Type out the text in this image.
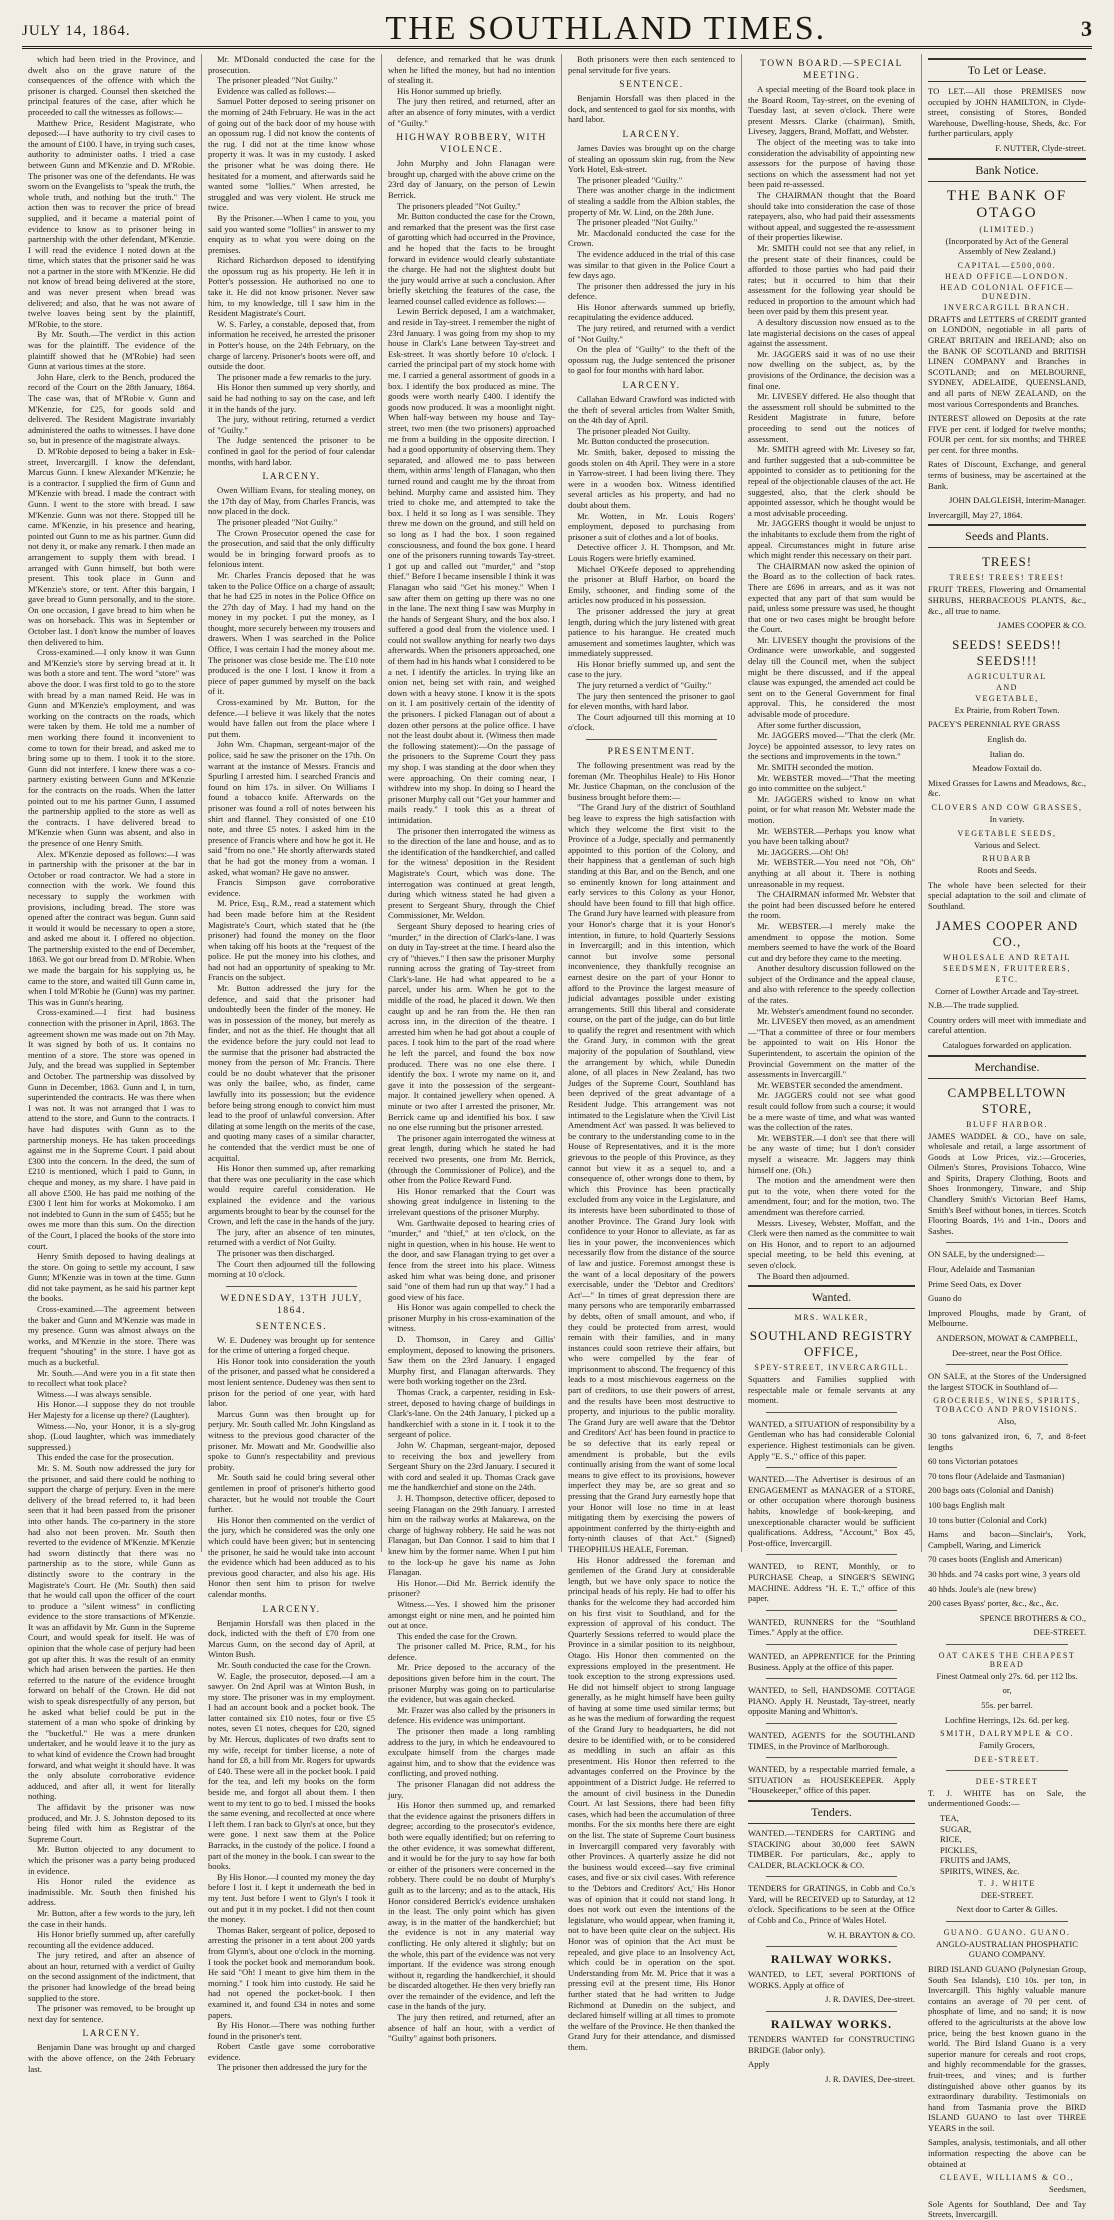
JULY 14, 1864.	THE SOUTHLAND TIMES.	3

which had been tried in the Province, and dwelt also on the grave nature of the consequences of the offence with which the prisoner is charged. Counsel then sketched the principal features of the case, after which he proceeded to call the witnesses as follows:—

Matthew Price, Resident Magistrate, who deposed:—I have authority to try civil cases to the amount of £100. I have, in trying such cases, authority to administer oaths. I tried a case between Gunn and M'Kenzie and D. M'Robie. The prisoner was one of the defendants. He was sworn on the Evangelists to "speak the truth, the whole truth, and nothing but the truth." The action then was to recover the price of bread supplied, and it became a material point of evidence to know as to prisoner being in partnership with the other defendant, M'Kenzie. I will read the evidence I noted down at the time, which states that the prisoner said he was not a partner in the store with M'Kenzie. He did not know of bread being delivered at the store, and was never present when bread was delivered; and also, that he was not aware of twelve loaves being sent by the plaintiff, M'Robie, to the store.

By Mr. South.—The verdict in this action was for the plaintiff. The evidence of the plaintiff showed that he (M'Robie) had seen Gunn at various times at the store.

John Hare, clerk to the Bench, produced the record of the Court on the 28th January, 1864. The case was, that of M'Robie v. Gunn and M'Kenzie, for £25, for goods sold and delivered. The Resident Magistrate invariably administered the oaths to witnesses. I have done so, but in presence of the magistrate always.

D. M'Robie deposed to being a baker in Esk-street, Invercargill. I know the defendant, Marcus Gunn. I knew Alexander M'Kenzie; he is a contractor. I supplied the firm of Gunn and M'Kenzie with bread. I made the contract with Gunn. I went to the store with bread. I saw M'Kenzie. Gunn was not there. Stopped till he came. M'Kenzie, in his presence and hearing, pointed out Gunn to me as his partner. Gunn did not deny it, or make any remark. I then made an arrangement to supply them with bread. I arranged with Gunn himself, but both were present. This took place in Gunn and M'Kenzie's store, or tent. After this bargain, I gave bread to Gunn personally, and to the store. On one occasion, I gave bread to him when he was on horseback. This was in September or October last. I don't know the number of loaves then delivered to him.

Cross-examined.—I only know it was Gunn and M'Kenzie's store by serving bread at it. It was both a store and tent. The word "store" was above the door. I was first told to go to the store with bread by a man named Reid. He was in Gunn and M'Kenzie's employment, and was working on the contracts on the roads, which were taken by them. He told me a number of men working there found it inconvenient to come to town for their bread, and asked me to bring some up to them. I took it to the store. Gunn did not interfere. I knew there was a co-partnery existing between Gunn and M'Kenzie for the contracts on the roads. When the latter pointed out to me his partner Gunn, I assumed the partnership applied to the store as well as the contracts. I have delivered bread to M'Kenzie when Gunn was absent, and also in the presence of one Henry Smith.

Alex. M'Kenzie deposed as follows:—I was in partnership with the prisoner at the bar in October or road contractor. We had a store in connection with the work. We found this necessary to supply the workmen with provisions, including bread. The store was opened after the contract was begun. Gunn said it would it would be necessary to open a store, and asked me about it. I offered no objection. The partnership existed to the end of December, 1863. We got our bread from D. M'Robie. When we made the bargain for his supplying us, he came to the store, and waited till Gunn came in, when I told M'Robie he (Gunn) was my partner. This was in Gunn's hearing.

Cross-examined.—I first had business connection with the prisoner in April, 1863. The agreement shown me was made out on 7th May. It was signed by both of us. It contains no mention of a store. The store was opened in July, and the bread was supplied in September and October. The partnership was dissolved by Gunn in December, 1863. Gunn and I, in turn, superintended the contracts. He was there when I was not. It was not arranged that I was to attend to the store, and Gunn to the contracts. I have had disputes with Gunn as to the partnership moneys. He has taken proceedings against me in the Supreme Court. I paid about £300 into the concern. In the deed, the sum of £210 is mentioned, which I paid to Gunn, in cheque and money, as my share. I have paid in all above £500. He has paid me nothing of the £300 I lent him for works at Mokomoko. I am not indebted to Gunn in the sum of £455; but he owes me more than this sum. On the direction of the Court, I placed the books of the store into court.

Henry Smith deposed to having dealings at the store. On going to settle my account, I saw Gunn; M'Kenzie was in town at the time. Gunn did not take payment, as he said his partner kept the books.

Cross-examined.—The agreement between the baker and Gunn and M'Kenzie was made in my presence. Gunn was almost always on the works, and M'Kenzie in the store. There was frequent "shouting" in the store. I have got as much as a bucketful.

Mr. South.—And were you in a fit state then to recollect what took place?

Witness.—I was always sensible.

His Honor.—I suppose they do not trouble Her Majesty for a license up there? (Laughter).

Witness.—No, your Honor, it is a sly-grog shop. (Loud laughter, which was immediately suppressed.)

This ended the case for the prosecution.

Mr. S. M. South now addressed the jury for the prisoner, and said there could be nothing to support the charge of perjury. Even in the mere delivery of the bread referred to, it had been seen that it had been passed from the prisoner into other hands. The co-partnery in the store had also not been proven. Mr. South then reverted to the evidence of M'Kenzie. M'Kenzie had sworn distinctly that there was no partnership as to the store, while Gunn as distinctly swore to the contrary in the Magistrate's Court. He (Mr. South) then said that he would call upon the officer of the court to produce a "silent witness" in conflicting evidence to the store transactions of M'Kenzie. It was an affidavit by Mr. Gunn in the Supreme Court, and would speak for itself. He was of opinion that the whole case of perjury had been got up after this. It was the result of an enmity which had arisen between the parties. He then referred to the nature of the evidence brought forward on behalf of the Crown. He did not wish to speak disrespectfully of any person, but he asked what belief could be put in the statement of a man who spoke of drinking by the "bucketful." He was a mere drunken undertaker, and he would leave it to the jury as to what kind of evidence the Crown had brought forward, and what weight it should have. It was the only absolute corroborative evidence adduced, and after all, it went for literally nothing.

The affidavit by the prisoner was now produced, and Mr. J. S. Johnston deposed to its being filed with him as Registrar of the Supreme Court.

Mr. Button objected to any document to which the prisoner was a party being produced in evidence.

His Honor ruled the evidence as inadmissible. Mr. South then finished his address.

Mr. Button, after a few words to the jury, left the case in their hands.

His Honor briefly summed up, after carefully recounting all the evidence adduced.

The jury retired, and after an absence of about an hour, returned with a verdict of Guilty on the second assignment of the indictment, that the prisoner had knowledge of the bread being supplied to the store.

The prisoner was removed, to be brought up next day for sentence.

LARCENY.

Benjamin Dane was brought up and charged with the above offence, on the 24th February last.

Mr. M'Donald conducted the case for the prosecution.

The prisoner pleaded "Not Guilty."

Evidence was called as follows:—

Samuel Potter deposed to seeing prisoner on the morning of 24th February. He was in the act of going out of the back door of my house with an opossum rug. I did not know the contents of the rug. I did not at the time know whose property it was. It was in my custody. I asked the prisoner what he was doing there. He hesitated for a moment, and afterwards said he wanted some "lollies." When arrested, he struggled and was very violent. He struck me twice.

By the Prisoner.—When I came to you, you said you wanted some "lollies" in answer to my enquiry as to what you were doing on the premises.

Richard Richardson deposed to identifying the opossum rug as his property. He left it in Potter's possession. He authorised no one to take it. He did not know prisoner. Never saw him, to my knowledge, till I saw him in the Resident Magistrate's Court.

W. S. Farley, a constable, deposed that, from information he received, he arrested the prisoner in Potter's house, on the 24th February, on the charge of larceny. Prisoner's boots were off, and outside the door.

The prisoner made a few remarks to the jury.

His Honor then summed up very shortly, and said he had nothing to say on the case, and left it in the hands of the jury.

The jury, without retiring, returned a verdict of "Guilty."

The Judge sentenced the prisoner to be confined in gaol for the period of four calendar months, with hard labor.

LARCENY.

Owen William Evans, for stealing money, on the 17th day of May, from Charles Francis, was now placed in the dock.

The prisoner pleaded "Not Guilty."

The Crown Prosecutor opened the case for the prosecution, and said that the only difficulty would be in bringing forward proofs as to felonious intent.

Mr. Charles Francis deposed that he was taken to the Police Office on a charge of assault; that he had £25 in notes in the Police Office on the 27th day of May. I had my hand on the money in my pocket. I put the money, as I thought, more securely between my trousers and drawers. When I was searched in the Police Office, I was certain I had the money about me. The prisoner was close beside me. The £10 note produced is the one I lost. I know it from a piece of paper gummed by myself on the back of it.

Cross-examined by Mr. Button, for the defence.—I believe it was likely that the notes would have fallen out from the place where I put them.

John Wm. Chapman, sergeant-major of the police, said he saw the prisoner on the 17th. On warrant at the instance of Messrs. Francis and Spurling I arrested him. I searched Francis and found on him 17s. in silver. On Williams I found a tobacco knife. Afterwards on the prisoner was found a roll of notes between his shirt and flannel. They consisted of one £10 note, and three £5 notes. I asked him in the presence of Francis where and how he got it. He said "from no one." He shortly afterwards stated that he had got the money from a woman. I asked, what woman? He gave no answer.

Francis Simpson gave corroborative evidence.

M. Price, Esq., R.M., read a statement which had been made before him at the Resident Magistrate's Court, which stated that he (the prisoner) had found the money on the floor when taking off his boots at the "request of the police. He put the money into his clothes, and had not had an opportunity of speaking to Mr. Francis on the subject.

Mr. Button addressed the jury for the defence, and said that the prisoner had undoubtedly been the finder of the money. He was in possession of the money, but merely as finder, and not as the thief. He thought that all the evidence before the jury could not lead to the surmise that the prisoner had abstracted the money from the person of Mr. Francis. There could be no doubt whatever that the prisoner was only the bailee, who, as finder, came lawfully into its possession; but the evidence before being strong enough to convict him must lead to the proof of unlawful conversion. After dilating at some length on the merits of the case, and quoting many cases of a similar character, he contended that the verdict must be one of acquittal.

His Honor then summed up, after remarking that there was one peculiarity in the case which would require careful consideration. He explained the evidence and the various arguments brought to bear by the counsel for the Crown, and left the case in the hands of the jury.

The jury, after an absence of ten minutes, returned with a verdict of Not Guilty.

The prisoner was then discharged.

The Court then adjourned till the following morning at 10 o'clock.

WEDNESDAY, 13TH JULY, 1864.
SENTENCES.

W. E. Dudeney was brought up for sentence for the crime of uttering a forged cheque.

His Honor took into consideration the youth of the prisoner, and passed what he considered a most lenient sentence. Dudeney was then sent to prison for the period of one year, with hard labor.

Marcus Gunn was then brought up for perjury. Mr. South called Mr. John Kingsland as witness to the previous good character of the prisoner. Mr. Mowatt and Mr. Goodwillie also spoke to Gunn's respectability and previous probity.

Mr. South said he could bring several other gentlemen in proof of prisoner's hitherto good character, but he would not trouble the Court further.

His Honor then commented on the verdict of the jury, which he considered was the only one which could have been given; but in sentencing the prisoner, he said he would take into account the evidence which had been adduced as to his previous good character, and also his age. His Honor then sent him to prison for twelve calendar months.

LARCENY.

Benjamin Horsfall was then placed in the dock, indicted with the theft of £70 from one Marcus Gunn, on the second day of April, at Winton Bush.

Mr. South conducted the case for the Crown.

W. Eagle, the prosecutor, deposed.—I am a sawyer. On 2nd April was at Winton Bush, in my store. The prisoner was in my employment. I had an account book and a pocket book. The latter contained six £10 notes, four or five £5 notes, seven £1 notes, cheques for £20, signed by Mr. Hercus, duplicates of two drafts sent to my wife, receipt for timber license, a note of hand for £8, a bill from Mr. Rogers for upwards of £40. These were all in the pocket book. I paid for the tea, and left my books on the form beside me, and forgot all about them. I then went to my tent to go to bed. I missed the books the same evening, and recollected at once where I left them. I ran back to Glyn's at once, but they were gone. I next saw them at the Police Barracks, in the custody of the police. I found a part of the money in the book. I can swear to the books.

By His Honor.—I counted my money the day before I lost it. I kept it underneath the bed in my tent. Just before I went to Glyn's I took it out and put it in my pocket. I did not then count the money.

Thomas Baker, sergeant of police, deposed to arresting the prisoner in a tent about 200 yards from Glynn's, about one o'clock in the morning. I took the pocket book and memorandum book. He said "Oh! I meant to give him them in the morning." I took him into custody. He said he had not opened the pocket-book. I then examined it, and found £34 in notes and some papers.

By His Honor.—There was nothing further found in the prisoner's tent.

Robert Castle gave some corroborative evidence.

The prisoner then addressed the jury for the

defence, and remarked that he was drunk when he lifted the money, but had no intention of stealing it.

His Honor summed up briefly.

The jury then retired, and returned, after an after an absence of forty minutes, with a verdict of "Guilty."

HIGHWAY ROBBERY, WITH VIOLENCE.

John Murphy and John Flanagan were brought up, charged with the above crime on the 23rd day of January, on the person of Lewin Berrick.

The prisoners pleaded "Not Guilty."

Mr. Button conducted the case for the Crown, and remarked that the present was the first case of garotting which had occurred in the Province, and he hoped that the facts to be brought forward in evidence would clearly substantiate the charge. He had not the slightest doubt but the jury would arrive at such a conclusion. After briefly sketching the features of the case, the learned counsel called evidence as follows:—

Lewin Berrick deposed, I am a watchmaker, and reside in Tay-street. I remember the night of 23rd January. I was going from my shop to my house in Clark's Lane between Tay-street and Esk-street. It was shortly before 10 o'clock. I carried the principal part of my stock home with me. I carried a general assortment of goods in a box. I identify the box produced as mine. The goods were worth nearly £400. I identify the goods now produced. It was a moonlight night. When half-way between my house and Tay-street, two men (the two prisoners) approached me from a building in the opposite direction. I had a good opportunity of observing them. They separated, and allowed me to pass between them, within arms' length of Flanagan, who then turned round and caught me by the throat from behind. Murphy came and assisted him. They tried to choke me, and attempted to take the box. I held it so long as I was sensible. They threw me down on the ground, and still held on so long as I had the box. I soon regained consciousness, and found the box gone. I heard one of the prisoners running towards Tay-street. I got up and called out "murder," and "stop thief." Before I became insensible I think it was Flanagan who said "Get his money." When I saw after them on getting up there was no one in the lane. The next thing I saw was Murphy in the hands of Sergeant Shury, and the box also. I suffered a good deal from the violence used. I could not swallow anything for nearly two days afterwards. When the prisoners approached, one of them had in his hands what I considered to be a net. I identify the articles. In trying like an onion net, being set with rain, and weighed down with a heavy stone. I know it is the spots on it. I am positively certain of the identity of the prisoners. I picked Flanagan out of about a dozen other persons at the police office. I have not the least doubt about it. (Witness then made the following statement):—On the passage of the prisoners to the Supreme Court they pass my shop. I was standing at the door when they were approaching. On their coming near, I withdrew into my shop. In doing so I heard the prisoner Murphy call out "Get your hammer and mails ready." I took this as a threat of intimidation.

The prisoner then interrogated the witness as to the direction of the lane and house, and as to the identification of the handkerchief, and called for the witness' deposition in the Resident Magistrate's Court, which was done. The interrogation was continued at great length, during which witness stated he had given a present to Sergeant Shury, through the Chief Commissioner, Mr. Weldon.

Sergeant Shury deposed to hearing cries of "murder," in the direction of Clark's-lane. I was on duty in Tay-street at the time. I heard also the cry of "thieves." I then saw the prisoner Murphy running across the grating of Tay-street from Clark's-lane. He had what appeared to be a parcel, under his arm. When he got to the middle of the road, he placed it down. We then caught up and he ran from the. He then ran across inn, in the direction of the theatre. I arrested him when he had got about a couple of paces. I took him to the part of the road where he left the parcel, and found the box now produced. There was no one else there. I identify the box. I wrote my name on it, and gave it into the possession of the sergeant-major. It contained jewellery when opened. A minute or two after I arrested the prisoner, Mr. Berrick came up and identified his box. I saw no one else running but the prisoner arrested.

The prisoner again interrogated the witness at great length, during which he stated he had received two presents, one from Mr. Berrick, (through the Commissioner of Police), and the other from the Police Reward Fund.

His Honor remarked that the Court was showing great indulgence in listening to the irrelevant questions of the prisoner Murphy.

Wm. Garthwaite deposed to hearing cries of "murder," and "thief," at ten o'clock, on the night in question, when in his house. He went to the door, and saw Flanagan trying to get over a fence from the street into his place. Witness asked him what was being done, and prisoner said "one of them had run up that way." I had a good view of his face.

His Honor was again compelled to check the prisoner Murphy in his cross-examination of the witness.

D. Thomson, in Carey and Gillis' employment, deposed to knowing the prisoners. Saw them on the 23rd January. I engaged Murphy first, and Flanagan afterwards. They were both working together on the 23rd.

Thomas Crack, a carpenter, residing in Esk-street, deposed to having charge of buildings in Clark's-lane. On the 24th January, I picked up a handkerchief with a stone in it. I took it to the sergeant of police.

John W. Chapman, sergeant-major, deposed to receiving the box and jewellery from Sergeant Shury on the 23rd January. I secured it with cord and sealed it up. Thomas Crack gave me the handkerchief and stone on the 24th.

J. H. Thompson, detective officer, deposed to seeing Flanagan on the 29th January. I arrested him on the railway works at Makarewa, on the charge of highway robbery. He said he was not Flanagan, but Dan Connor. I said to him that I knew him by the former name. When I put him to the lock-up he gave his name as John Flanagan.

His Honor.—Did Mr. Berrick identify the prisoner?

Witness.—Yes. I showed him the prisoner amongst eight or nine men, and he pointed him out at once.

This ended the case for the Crown.

The prisoner called M. Price, R.M., for his defence.

Mr. Price deposed to the accuracy of the depositions given before him in the court. The prisoner Murphy was going on to particularise the evidence, but was again checked.

Mr. Frazer was also called by the prisoners in defence. His evidence was unimportant.

The prisoner then made a long rambling address to the jury, in which he endeavoured to exculpate himself from the charges made against him, and to show that the evidence was conflicting, and proved nothing.

The prisoner Flanagan did not address the jury.

His Honor then summed up, and remarked that the evidence against the prisoners differs in degree; according to the prosecutor's evidence, both were equally identified; but on referring to the other evidence, it was somewhat different, and it would be for the jury to say how far both or either of the prisoners were concerned in the robbery. There could be no doubt of Murphy's guilt as to the larceny; and as to the attack, His Honor considered Berrick's evidence unshaken in the least. The only point which has given away, is in the matter of the handkerchief; but the evidence is not in any material way conflicting. He only altered it slightly; but on the whole, this part of the evidence was not very important. If the evidence was strong enough without it, regarding the handkerchief, it should be discarded altogether. He then very briefly ran over the remainder of the evidence, and left the case in the hands of the jury.

The jury then retired, and returned, after an absence of half an hour, with a verdict of "Guilty" against both prisoners.

Both prisoners were then each sentenced to penal servitude for five years.

SENTENCE.

Benjamin Horsfall was then placed in the dock, and sentenced to gaol for six months, with hard labor.

LARCENY.

James Davies was brought up on the charge of stealing an opossum skin rug, from the New York Hotel, Esk-street.

The prisoner pleaded "Guilty."

There was another charge in the indictment of stealing a saddle from the Albion stables, the property of Mr. W. Lind, on the 28th June.

The prisoner pleaded "Not Guilty."

Mr. Macdonald conducted the case for the Crown.

The evidence adduced in the trial of this case was similar to that given in the Police Court a few days ago.

The prisoner then addressed the jury in his defence.

His Honor afterwards summed up briefly, recapitulating the evidence adduced.

The jury retired, and returned with a verdict of "Not Guilty."

On the plea of "Guilty" to the theft of the opossum rug, the Judge sentenced the prisoner to gaol for four months with hard labor.

LARCENY.

Callahan Edward Crawford was indicted with the theft of several articles from Walter Smith, on the 4th day of April.

The prisoner pleaded Not Guilty.

Mr. Button conducted the prosecution.

Mr. Smith, baker, deposed to missing the goods stolen on 4th April. They were in a store in Yarrow-street. I had been living there. They were in a wooden box. Witness identified several articles as his property, and had no doubt about them.

Mr. Wotten, in Mr. Louis Rogers' employment, deposed to purchasing from prisoner a suit of clothes and a lot of books.

Detective officer J. H. Thompson, and Mr. Louis Rogers were briefly examined.

Michael O'Keefe deposed to apprehending the prisoner at Bluff Harbor, on board the Emily, schooner, and finding some of the articles now produced in his possession.

The prisoner addressed the jury at great length, during which the jury listened with great patience to his harangue. He created much amusement and sometimes laughter, which was immediately suppressed.

His Honor briefly summed up, and sent the case to the jury.

The jury returned a verdict of "Guilty."

The jury then sentenced the prisoner to gaol for eleven months, with hard labor.

The Court adjourned till this morning at 10 o'clock.

PRESENTMENT.

The following presentment was read by the foreman (Mr. Theophilus Heale) to His Honor Mr. Justice Chapman, on the conclusion of the business brought before them:—

"The Grand Jury of the district of Southland beg leave to express the high satisfaction with which they welcome the first visit to the Province of a Judge, specially and permanently appointed to this portion of the Colony, and their happiness that a gentleman of such high standing at this Bar, and on the Bench, and one so eminently known for long attainment and early services to this Colony as your Honor, should have been found to fill that high office. The Grand Jury have learned with pleasure from your Honor's charge that it is your Honor's intention, in future, to hold Quarterly Sessions in Invercargill; and in this intention, which cannot but involve some personal inconvenience, they thankfully recognise an earnest desire on the part of your Honor to afford to the Province the largest measure of judicial advantages possible under existing arrangements. Still this liberal and considerate course, on the part of the judge, can do but little to qualify the regret and resentment with which the Grand Jury, in common with the great majority of the population of Southland, view the arrangement by which, while Dunedin alone, of all places in New Zealand, has two Judges of the Supreme Court, Southland has been deprived of the great advantage of a Resident Judge. This arrangement was not intimated to the Legislature when the 'Civil List Amendment Act' was passed. It was believed to be contrary to the understanding come to in the House of Representatives, and it is the more grievous to the people of this Province, as they cannot but view it as a sequel to, and a consequence of, other wrongs done to them, by which this Province has been practically excluded from any voice in the Legislature, and its interests have been subordinated to those of another Province. The Grand Jury look with confidence to your Honor to alleviate, as far as lies in your power, the inconveniences which necessarily flow from the distance of the source of law and justice. Foremost amongst these is the want of a local depositary of the powers exercisable, under the 'Debtor and Creditors' Act'—" In times of great depression there are many persons who are temporarily embarrassed by debts, often of small amount, and who, if they could be protected from arrest, would remain with their families, and in many instances could soon retrieve their affairs, but who were compelled by the fear of imprisonment to abscond. The frequency of this leads to a most mischievous eagerness on the part of creditors, to use their powers of arrest, and the results have been most destructive to property, and injurious to the public morality. The Grand Jury are well aware that the 'Debtor and Creditors' Act' has been found in practice to be so defective that its early repeal or amendment is probable, but the evils continually arising from the want of some local means to give effect to its provisions, however imperfect they may be, are so great and so pressing that the Grand Jury earnestly hope that your Honor will lose no time in at least mitigating them by exercising the powers of appointment conferred by the thirty-eighth and forty-ninth clauses of that Act." (Signed) THEOPHILUS HEALE, Foreman.

His Honor addressed the foreman and gentlemen of the Grand Jury at considerable length, but we have only space to notice the principal heads of his reply. He had to offer his thanks for the welcome they had accorded him on his first visit to Southland, and for the expression of approval of his conduct. The Quarterly Sessions referred to would place the Province in a similar position to its neighbour, Otago. His Honor then commented on the expressions employed in the presentment. He took exception to the strong expressions used. He did not himself object to strong language generally, as he might himself have been guilty of having at some time used similar terms; but as he was the medium of forwarding the request of the Grand Jury to headquarters, he did not desire to be identified with, or to be considered as meddling in such an affair as this presentment. His Honor then referred to the advantages conferred on the Province by the appointment of a District Judge. He referred to the amount of civil business in the Dunedin Court. At last Sessions, there had been fifty cases, which had been the accumulation of three months. For the six months here there are eight on the list. The state of Supreme Court business in Invercargill compared very favorably with other Provinces. A quarterly assize he did not the business would exceed—say five criminal cases, and five or six civil cases. With reference to the 'Debtors and Creditors' Act,' His Honor was of opinion that it could not stand long. It does not work out even the intentions of the legislature, who would appear, when framing it, not to have been quite clear on the subject. His Honor was of opinion that the Act must be repealed, and give place to an Insolvency Act, which could be in operation on the spot. Understanding from Mr. M. Price that it was a pressing evil at the present time, His Honor further stated that he had written to Judge Richmond at Dunedin on the subject, and declared himself willing at all times to promote the welfare of the Province. He then thanked the Grand Jury for their attendance, and dismissed them.

TOWN BOARD.—SPECIAL MEETING.

A special meeting of the Board took place in the Board Room, Tay-street, on the evening of Tuesday last, at seven o'clock. There were present Messrs. Clarke (chairman), Smith, Livesey, Jaggers, Brand, Moffatt, and Webster.

The object of the meeting was to take into consideration the advisability of appointing new assessors for the purpose of having those sections on which the assessment had not yet been paid re-assessed.

The CHAIRMAN thought that the Board should take into consideration the case of those ratepayers, also, who had paid their assessments without appeal, and suggested the re-assessment of their properties likewise.

Mr. SMITH could not see that any relief, in the present state of their finances, could be afforded to those parties who had paid their rates; but it occurred to him that their assessment for the following year should be reduced in proportion to the amount which had been over paid by them this present year.

A desultory discussion now ensued as to the late magisterial decisions on the cases of appeal against the assessment.

Mr. JAGGERS said it was of no use their now dwelling on the subject, as, by the provisions of the Ordinance, the decision was a final one.

Mr. LIVESEY differed. He also thought that the assessment roll should be submitted to the Resident Magistrate in future, before proceeding to send out the notices of assessment.

Mr. SMITH agreed with Mr. Livesey so far, and further suggested that a sub-committee be appointed to consider as to petitioning for the repeal of the objectionable clauses of the act. He suggested, also, that the clerk should be appointed assessor, which he thought would be a most advisable proceeding.

Mr. JAGGERS thought it would be unjust to the inhabitants to exclude them from the right of appeal. Circumstances might in future arise which might render this necessary on their part.

The CHAIRMAN now asked the opinion of the Board as to the collection of back rates. There are £696 in arrears, and as it was not expected that any part of that sum would be paid, unless some pressure was used, he thought that one or two cases might be brought before the Court.

Mr. LIVESEY thought the provisions of the Ordinance were unworkable, and suggested delay till the Council met, when the subject might be there discussed, and if the appeal clause was expunged, the amended act could be sent on to the General Government for final approval. This, he considered the most advisable mode of procedure.

After some further discussion,

Mr. JAGGERS moved—"That the clerk (Mr. Joyce) be appointed assessor, to levy rates on the sections and improvements in the town."

Mr. SMITH seconded the motion.

Mr. WEBSTER moved—"That the meeting go into committee on the subject."

Mr. JAGGERS wished to know on what point, or for what reason Mr. Webster made the motion.

Mr. WEBSTER.—Perhaps you know what you have been talking about?

Mr. JAGGERS.—Oh! Oh!

Mr. WEBSTER.—You need not "Oh, Oh" anything at all about it. There is nothing unreasonable in my request.

The CHAIRMAN informed Mr. Webster that the point had been discussed before he entered the room.

Mr. WEBSTER.—I merely make the amendment to oppose the motion. Some members seemed to have the work of the Board cut and dry before they came to the meeting.

Another desultory discussion followed on the subject of the Ordinance and the appeal clause, and also with reference to the speedy collection of the rates.

Mr. Webster's amendment found no seconder.

Mr. LIVESEY then moved, as an amendment—"That a committee of three or four members be appointed to wait on His Honor the Superintendent, to ascertain the opinion of the Provincial Government on the matter of the assessments in Invercargill."

Mr. WEBSTER seconded the amendment.

Mr. JAGGERS could not see what good result could follow from such a course; it would be a mere waste of time, and what was wanted was the collection of the rates.

Mr. WEBSTER.—I don't see that there will be any waste of time; but I don't consider myself a wiseacre. Mr. Jaggers may think himself one. (Oh.)

The motion and the amendment were then put to the vote, when there voted for the amendment, four; and for the motion, two. The amendment was therefore carried.

Messrs. Livesey, Webster, Moffatt, and the Clerk were then named as the committee to wait on His Honor, and to report to an adjourned special meeting, to be held this evening, at seven o'clock.

The Board then adjourned.

Wanted.
MRS. WALKER,
SOUTHLAND REGISTRY OFFICE,
SPEY-STREET, INVERCARGILL.

Squatters and Families supplied with respectable male or female servants at any moment.

WANTED, a SITUATION of responsibility by a Gentleman who has had considerable Colonial experience. Highest testimonials can be given. Apply "E. S.," office of this paper.

WANTED.—The Advertiser is desirous of an ENGAGEMENT as MANAGER of a STORE, or other occupation where thorough business habits, knowledge of book-keeping, and unexceptionable character would be sufficient qualifications. Address, "Account," Box 45, Post-office, Invercargill.

WANTED, to RENT, Monthly, or to PURCHASE Cheap, a SINGER'S SEWING MACHINE. Address "H. E. T.," office of this paper.

WANTED, RUNNERS for the "Southland Times." Apply at the office.

WANTED, an APPRENTICE for the Printing Business. Apply at the office of this paper.

WANTED, to Sell, HANDSOME COTTAGE PIANO. Apply H. Neustadt, Tay-street, nearly opposite Maning and Whitton's.

WANTED, AGENTS for the SOUTHLAND TIMES, in the Province of Marlborough.

WANTED, by a respectable married female, a SITUATION as HOUSEKEEPER. Apply "Housekeeper," office of this paper.

Tenders.

WANTED.—TENDERS for CARTING and STACKING about 30,000 feet SAWN TIMBER. For particulars, &c., apply to CALDER, BLACKLOCK & CO.

TENDERS for GRATINGS, in Cobb and Co.'s Yard, will be RECEIVED up to Saturday, at 12 o'clock. Specifications to be seen at the Office of Cobb and Co., Prince of Wales Hotel.

W. H. BRAYTON & CO.

RAILWAY WORKS.

WANTED, to LET, several PORTIONS of WORKS. Apply at office of

J. R. DAVIES, Dee-street.

RAILWAY WORKS.

TENDERS WANTED for CONSTRUCTING BRIDGE (labor only).

Apply

J. R. DAVIES, Dee-street.

To Let or Lease.

TO LET.—All those PREMISES now occupied by JOHN HAMILTON, in Clyde-street, consisting of Stores, Bonded Warehouse, Dwelling-house, Sheds, &c. For further particulars, apply

F. NUTTER, Clyde-street.

Bank Notice.
THE BANK OF OTAGO
(LIMITED.)

(Incorporated by Act of the General Assembly of New Zealand.)

CAPITAL—£500,000.
HEAD OFFICE—LONDON.
HEAD COLONIAL OFFICE—DUNEDIN.
INVERCARGILL BRANCH.

DRAFTS and LETTERS of CREDIT granted on LONDON, negotiable in all parts of GREAT BRITAIN and IRELAND; also on the BANK OF SCOTLAND and BRITISH LINEN COMPANY and Branches in SCOTLAND; and on MELBOURNE, SYDNEY, ADELAIDE, QUEENSLAND, and all parts of NEW ZEALAND, on the most various Correspondents and Branches.

INTEREST allowed on Deposits at the rate FIVE per cent. if lodged for twelve months; FOUR per cent. for six months; and THREE per cent. for three months.

Rates of Discount, Exchange, and general terms of business, may be ascertained at the Bank.

JOHN DALGLEISH, Interim-Manager.

Invercargill, May 27, 1864.

Seeds and Plants.
TREES!
TREES! TREES! TREES!

FRUIT TREES, Flowering and Ornamental SHRUBS, HERBACEOUS PLANTS, &c., &c., all true to name.

JAMES COOPER & CO.

SEEDS! SEEDS!! SEEDS!!!
AGRICULTURAL
AND
VEGETABLE,

Ex Prairie, from Robert Town.

PACEY'S PERENNIAL RYE GRASS

English do.

Italian do.

Meadow Foxtail do.

Mixed Grasses for Lawns and Meadows, &c., &c.

CLOVERS AND COW GRASSES,

In variety.

VEGETABLE SEEDS,

Various and Select.

RHUBARB

Roots and Seeds.

The whole have been selected for their special adaptation to the soil and climate of Southland.

JAMES COOPER AND CO.,
WHOLESALE AND RETAIL
SEEDSMEN, FRUITERERS,
ETC.

Corner of Lowther Arcade and Tay-street.

N.B.—The trade supplied.

Country orders will meet with immediate and careful attention.

Catalogues forwarded on application.

Merchandise.
CAMPBELLTOWN STORE,
BLUFF HARBOR.

JAMES WADDEL & CO., have on sale, wholesale and retail, a large assortment of Goods at Low Prices, viz.:—Groceries, Oilmen's Stores, Provisions Tobacco, Wine and Spirits, Drapery Clothing, Boots and Shoes Ironmongery, Tinware, and Ship Chandlery Smith's Victorian Beef Hams, Smith's Beef without bones, in tierces. Scotch Flooring Boards, 1½ and 1-in., Doors and Sashes.

ON SALE, by the undersigned:—

Flour, Adelaide and Tasmanian

Prime Seed Oats, ex Dover

Guano do

Improved Ploughs, made by Grant, of Melbourne.

ANDERSON, MOWAT & CAMPBELL,

Dee-street, near the Post Office.

ON SALE, at the Stores of the Undersigned the largest STOCK in Southland of—

GROCERIES, WINES, SPIRITS, TOBACCO AND PROVISIONS.

Also,

30 tons galvanized iron, 6, 7, and 8-feet lengths

60 tons Victorian potatoes

70 tons flour (Adelaide and Tasmanian)

200 bags oats (Colonial and Danish)

100 bags English malt

10 tons butter (Colonial and Cork)

Hams and bacon—Sinclair's, York, Campbell, Waring, and Limerick

70 cases boots (English and American)

30 hhds. and 74 casks port wine, 3 years old

40 hhds. Joule's ale (new brew)

200 cases Byass' porter, &c., &c., &c.

SPENCE BROTHERS & CO.,

DEE-STREET.

OAT CAKES THE CHEAPEST BREAD

Finest Oatmeal only 27s. 6d. per 112 lbs.

or,

55s. per barrel.

Lochfine Herrings, 12s. 6d. per keg.

SMITH, DALRYMPLE & CO.

Family Grocers,

DEE-STREET.
DEE-STREET

T. J. WHITE has on Sale, the undermentioned Goods:—

TEA,

SUGAR,

RICE,

PICKLES,

FRUITS and JAMS,

SPIRITS, WINES, &c.

T. J. WHITE

DEE-STREET.

Next door to Carter & Gilles.

GUANO. GUANO. GUANO.

ANGLO-AUSTRALIAN PHOSPHATIC GUANO COMPANY.

BIRD ISLAND GUANO (Polynesian Group, South Sea Islands), £10 10s. per ton, in Invercargill. This highly valuable manure contains an average of 70 per cent. of phosphate of lime, and no sand; it is now offered to the agriculturists at the above low price, being the best known guano in the world. The Bird Island Guano is a very superior manure for cereals and root crops, and highly recommendable for the grasses, fruit-trees, and vines; and is further distinguished above other guanos by its extraordinary durability. Testimonials on hand from Tasmania prove the BIRD ISLAND GUANO to last over THREE YEARS in the soil.

Samples, analysis, testimonials, and all other information respecting the above can be obtained at

CLEAVE, WILLIAMS & CO.,

Seedsmen,

Sole Agents for Southland, Dee and Tay Streets, Invercargill.
